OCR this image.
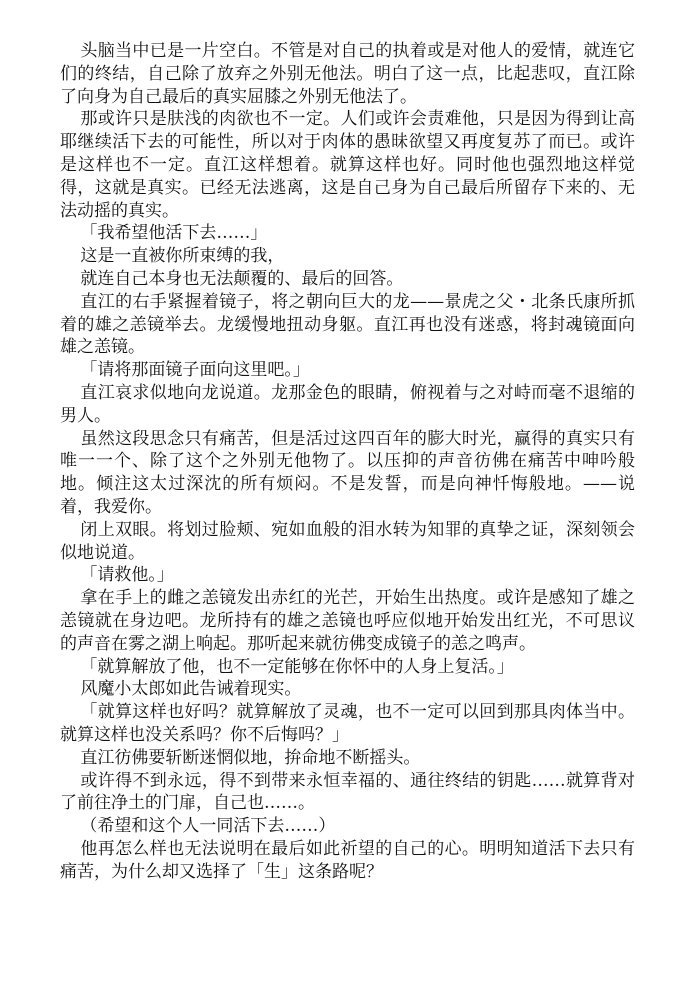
头脑当中已是一片空白。不管是对自己的执着或是对他人的爱情，就连它们的终结，自己除了放弃之外别无他法。明白了这一点，比起悲叹，直江除了向身为自己最后的真实屈膝之外别无他法了。

那或许只是肤浅的肉欲也不一定。人们或许会责难他，只是因为得到让高耶继续活下去的可能性，所以对于肉体的愚昧欲望又再度复苏了而已。或许是这样也不一定。直江这样想着。就算这样也好。同时他也强烈地这样觉得，这就是真实。已经无法逃离，这是自己身为自己最后所留存下来的、无法动摇的真实。

「我希望他活下去……」

这是一直被你所束缚的我，

就连自己本身也无法颠覆的、最后的回答。

直江的右手紧握着镜子，将之朝向巨大的龙——景虎之父・北条氏康所抓着的雄之恙镜举去。龙缓慢地扭动身躯。直江再也没有迷惑，将封魂镜面向雄之恙镜。

「请将那面镜子面向这里吧。」

直江哀求似地向龙说道。龙那金色的眼睛，俯视着与之对峙而毫不退缩的男人。

虽然这段思念只有痛苦，但是活过这四百年的膨大时光，赢得的真实只有唯一一个、除了这个之外别无他物了。以压抑的声音彷佛在痛苦中呻吟般地。倾注这太过深沈的所有烦闷。不是发誓，而是向神忏悔般地。——说着，我爱你。

闭上双眼。将划过脸颊、宛如血般的泪水转为知罪的真挚之证，深刻领会似地说道。

「请救他。」

拿在手上的雌之恙镜发出赤红的光芒，开始生出热度。或许是感知了雄之恙镜就在身边吧。龙所持有的雄之恙镜也呼应似地开始发出红光，不可思议的声音在雾之湖上响起。那听起来就彷佛变成镜子的恙之鸣声。

「就算解放了他，也不一定能够在你怀中的人身上复活。」

风魔小太郎如此告诫着现实。

「就算这样也好吗？就算解放了灵魂，也不一定可以回到那具肉体当中。就算这样也没关系吗？你不后悔吗？」

直江彷佛要斩断迷惘似地，拚命地不断摇头。

或许得不到永远，得不到带来永恒幸福的、通往终结的钥匙……就算背对了前往净土的门扉，自己也……。

（希望和这个人一同活下去……）

他再怎么样也无法说明在最后如此祈望的自己的心。明明知道活下去只有痛苦，为什么却又选择了「生」这条路呢？
